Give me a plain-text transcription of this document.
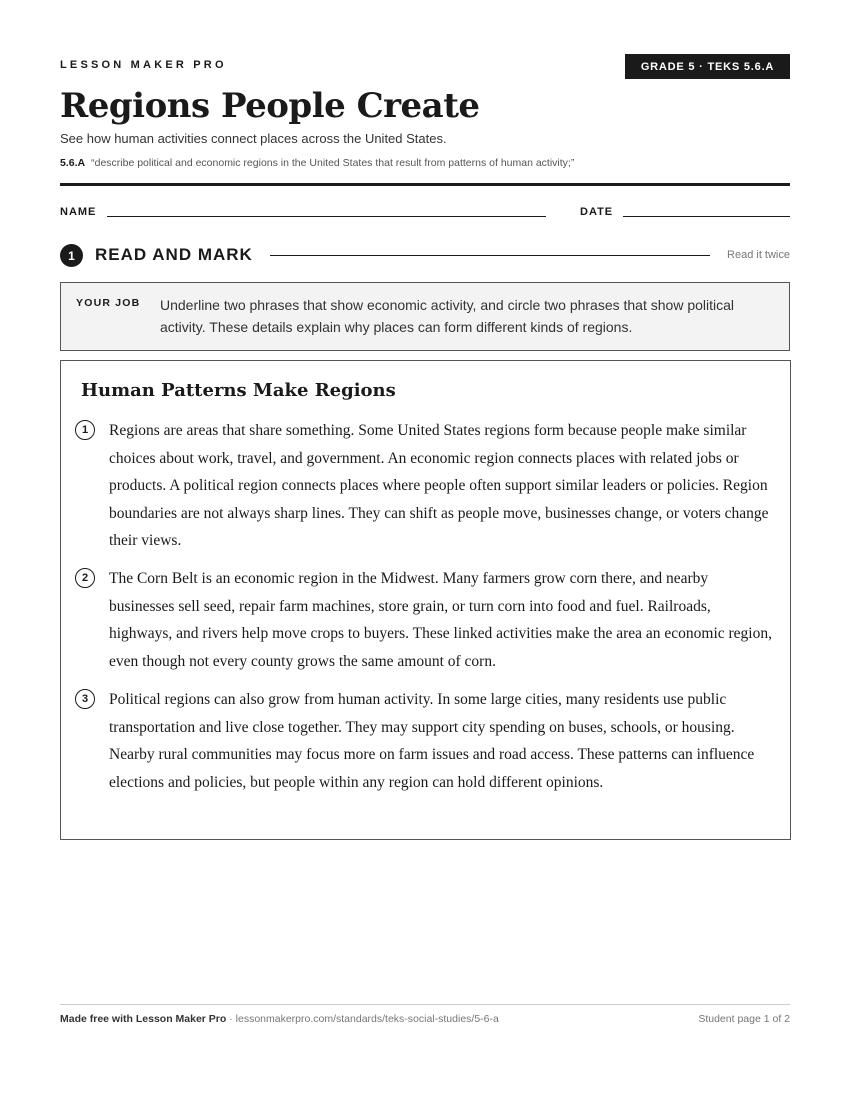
LESSON MAKER PRO	GRADE 5 · TEKS 5.6.A
Regions People Create
See how human activities connect places across the United States.
5.6.A “describe political and economic regions in the United States that result from patterns of human activity;”
NAME	DATE
1	READ AND MARK	Read it twice
YOUR JOB Underline two phrases that show economic activity, and circle two phrases that show political activity. These details explain why places can form different kinds of regions.
Human Patterns Make Regions
1	Regions are areas that share something. Some United States regions form because people make similar choices about work, travel, and government. An economic region connects places with related jobs or products. A political region connects places where people often support similar leaders or policies. Region boundaries are not always sharp lines. They can shift as people move, businesses change, or voters change their views.

2	The Corn Belt is an economic region in the Midwest. Many farmers grow corn there, and nearby businesses sell seed, repair farm machines, store grain, or turn corn into food and fuel. Railroads, highways, and rivers help move crops to buyers. These linked activities make the area an economic region, even though not every county grows the same amount of corn.

3	Political regions can also grow from human activity. In some large cities, many residents use public transportation and live close together. They may support city spending on buses, schools, or housing. Nearby rural communities may focus more on farm issues and road access. These patterns can influence elections and policies, but people within any region can hold different opinions.

Made free with Lesson Maker Pro · lessonmakerpro.com/standards/teks-social-studies/5-6-a	Student page 1 of 2
